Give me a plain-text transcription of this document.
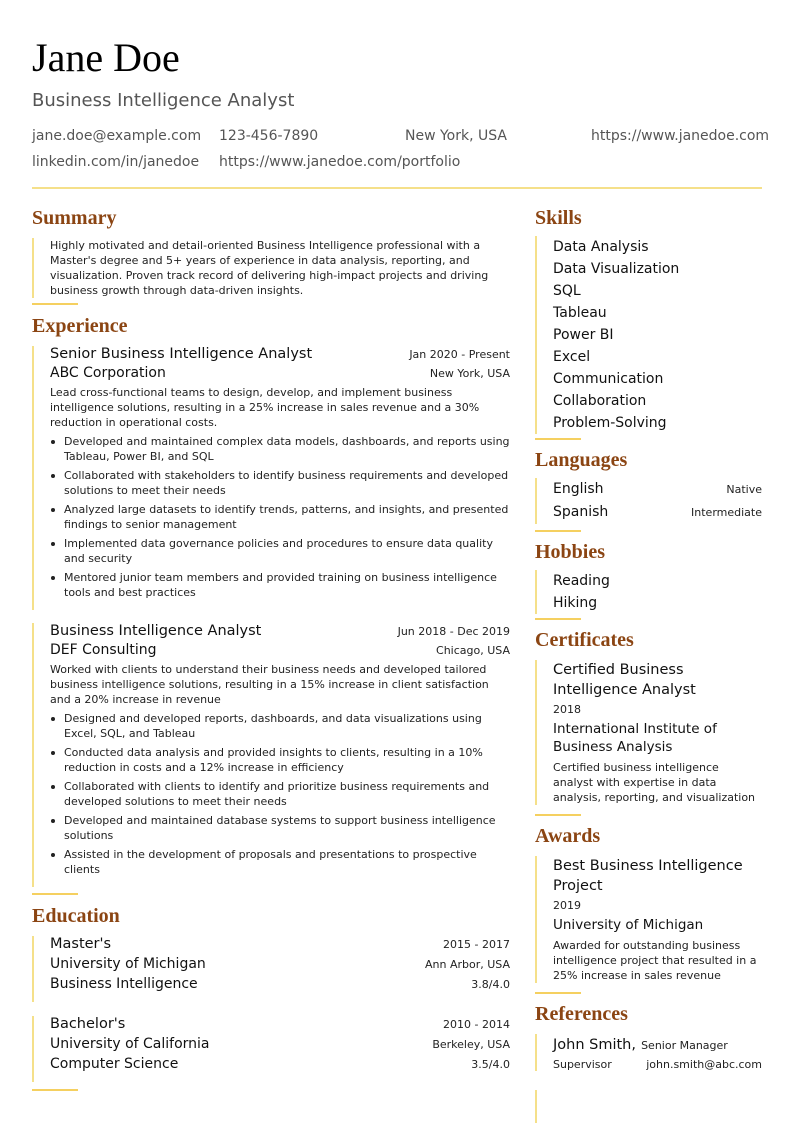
Jane Doe
Business Intelligence Analyst
jane.doe@example.com 123-456-7890	New York, USA	https://www.janedoe.com
linkedin.com/in/janedoe https://www.janedoe.com/portfolio
Summary
Highly motivated and detail-oriented Business Intelligence professional with a Master's degree and 5+ years of experience in data analysis, reporting, and visualization. Proven track record of delivering high-impact projects and driving business growth through data-driven insights.
Experience
Senior Business Intelligence Analyst	Jan 2020 - Present
ABC Corporation	New York, USA
Lead cross-functional teams to design, develop, and implement business intelligence solutions, resulting in a 25% increase in sales revenue and a 30% reduction in operational costs.
Developed and maintained complex data models, dashboards, and reports using Tableau, Power BI, and SQL
Collaborated with stakeholders to identify business requirements and developed solutions to meet their needs
Analyzed large datasets to identify trends, patterns, and insights, and presented findings to senior management
Implemented data governance policies and procedures to ensure data quality and security
Mentored junior team members and provided training on business intelligence tools and best practices
Business Intelligence Analyst	Jun 2018 - Dec 2019
DEF Consulting	Chicago, USA
Worked with clients to understand their business needs and developed tailored business intelligence solutions, resulting in a 15% increase in client satisfaction and a 20% increase in revenue
Designed and developed reports, dashboards, and data visualizations using Excel, SQL, and Tableau
Conducted data analysis and provided insights to clients, resulting in a 10% reduction in costs and a 12% increase in efficiency
Collaborated with clients to identify and prioritize business requirements and developed solutions to meet their needs
Developed and maintained database systems to support business intelligence solutions
Assisted in the development of proposals and presentations to prospective clients
Education
Master's	2015 - 2017
University of Michigan	Ann Arbor, USA
Business Intelligence	3.8/4.0
Bachelor's	2010 - 2014
University of California	Berkeley, USA
Computer Science	3.5/4.0
Skills
Data Analysis
Data Visualization
SQL
Tableau
Power BI
Excel
Communication
Collaboration
Problem-Solving
Languages
English	Native
Spanish	Intermediate
Hobbies
Reading
Hiking
Certificates
Certified Business Intelligence Analyst
2018
International Institute of Business Analysis
Certified business intelligence analyst with expertise in data analysis, reporting, and visualization
Awards
Best Business Intelligence Project
2019
University of Michigan
Awarded for outstanding business intelligence project that resulted in a 25% increase in sales revenue
References
John Smith, Senior Manager
Supervisor	john.smith@abc.com
